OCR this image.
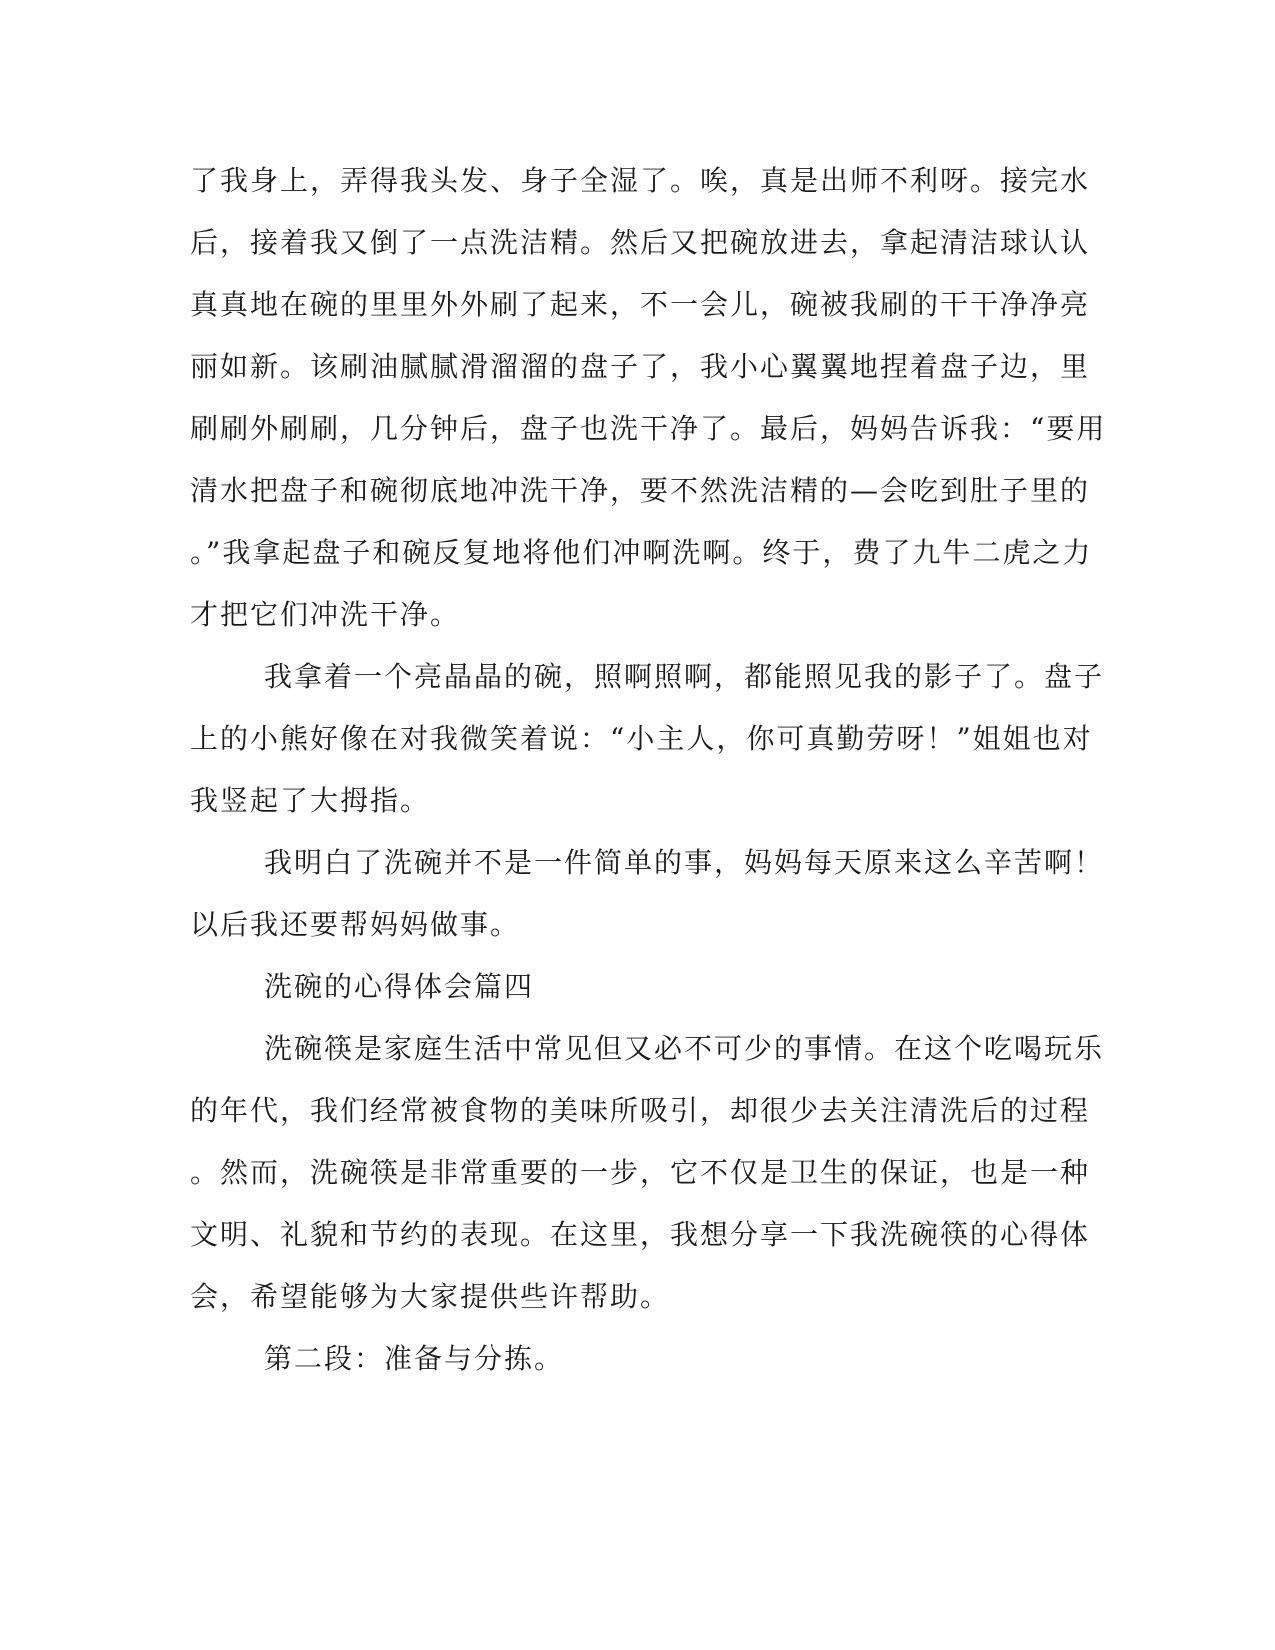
了我身上，弄得我头发、身子全湿了。唉，真是出师不利呀。接完水
后，接着我又倒了一点洗洁精。然后又把碗放进去，拿起清洁球认认
真真地在碗的里里外外刷了起来，不一会儿，碗被我刷的干干净净亮
丽如新。该刷油腻腻滑溜溜的盘子了，我小心翼翼地捏着盘子边，里
刷刷外刷刷，几分钟后，盘子也洗干净了。最后，妈妈告诉我：“要用
清水把盘子和碗彻底地冲洗干净，要不然洗洁精的—会吃到肚子里的
。”我拿起盘子和碗反复地将他们冲啊洗啊。终于，费了九牛二虎之力
才把它们冲洗干净。
我拿着一个亮晶晶的碗，照啊照啊，都能照见我的影子了。盘子
上的小熊好像在对我微笑着说：“小主人，你可真勤劳呀！”姐姐也对
我竖起了大拇指。
我明白了洗碗并不是一件简单的事，妈妈每天原来这么辛苦啊！
以后我还要帮妈妈做事。
洗碗的心得体会篇四
洗碗筷是家庭生活中常见但又必不可少的事情。在这个吃喝玩乐
的年代，我们经常被食物的美味所吸引，却很少去关注清洗后的过程
。然而，洗碗筷是非常重要的一步，它不仅是卫生的保证，也是一种
文明、礼貌和节约的表现。在这里，我想分享一下我洗碗筷的心得体
会，希望能够为大家提供些许帮助。
第二段：准备与分拣。
